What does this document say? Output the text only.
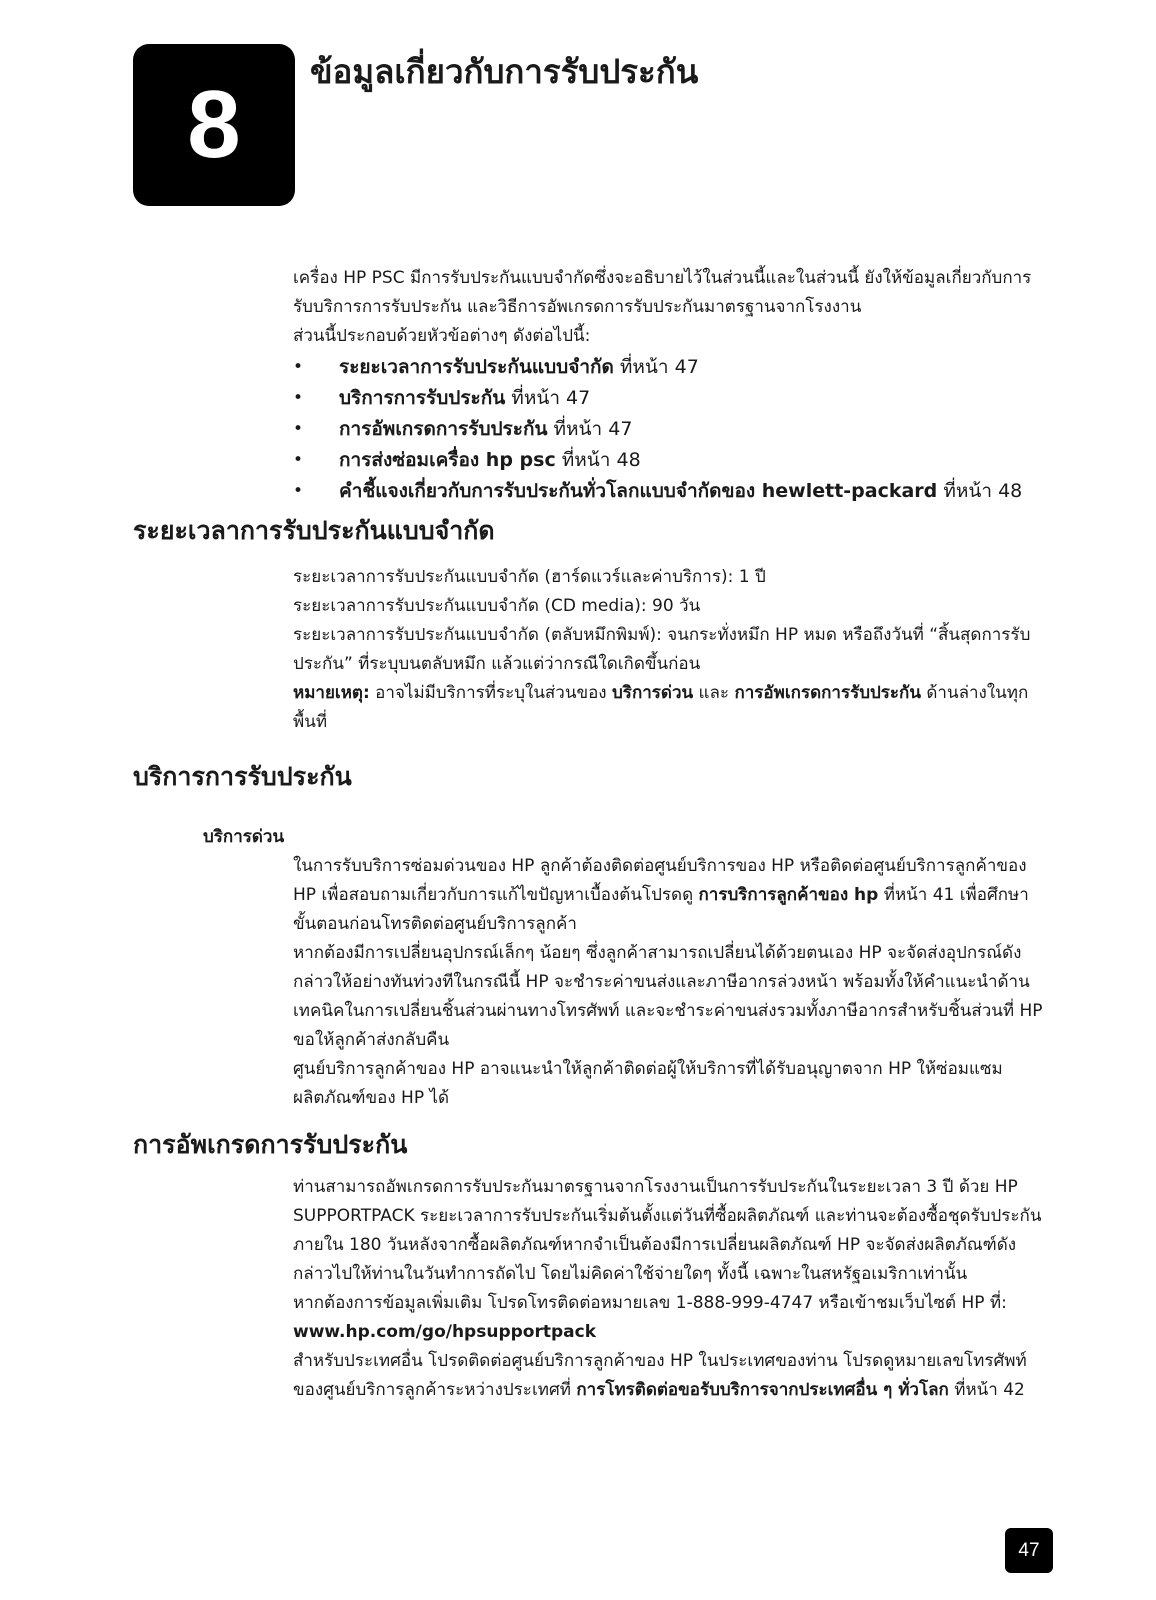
8 ข้อมูลเกี่ยวกับการรับประกัน

เครื่อง HP PSC มีการรับประกันแบบจำกัดซึ่งจะอธิบายไว้ในส่วนนี้และในส่วนนี้ ยังให้ข้อมูลเกี่ยวกับการรับบริการการรับประกัน และวิธีการอัพเกรดการรับประกันมาตรฐานจากโรงงาน

ส่วนนี้ประกอบด้วยหัวข้อต่างๆ ดังต่อไปนี้:

• ระยะเวลาการรับประกันแบบจำกัด ที่หน้า 47
• บริการการรับประกัน ที่หน้า 47
• การอัพเกรดการรับประกัน ที่หน้า 47
• การส่งซ่อมเครื่อง hp psc ที่หน้า 48
• คำชี้แจงเกี่ยวกับการรับประกันทั่วโลกแบบจำกัดของ hewlett-packard ที่หน้า 48
ระยะเวลาการรับประกันแบบจำกัด

ระยะเวลาการรับประกันแบบจำกัด (ฮาร์ดแวร์และค่าบริการ): 1 ปี

ระยะเวลาการรับประกันแบบจำกัด (CD media): 90 วัน

ระยะเวลาการรับประกันแบบจำกัด (ตลับหมึกพิมพ์): จนกระทั่งหมึก HP หมด หรือถึงวันที่ “สิ้นสุดการรับประกัน” ที่ระบุบนตลับหมึก แล้วแต่ว่ากรณีใดเกิดขึ้นก่อน

หมายเหตุ: อาจไม่มีบริการที่ระบุในส่วนของ บริการด่วน และ การอัพเกรดการรับประกัน ด้านล่างในทุกพื้นที่

บริการการรับประกัน
บริการด่วน

ในการรับบริการซ่อมด่วนของ HP ลูกค้าต้องติดต่อศูนย์บริการของ HP หรือติดต่อศูนย์บริการลูกค้าของ HP เพื่อสอบถามเกี่ยวกับการแก้ไขปัญหาเบื้องต้นโปรดดู การบริการลูกค้าของ hp ที่หน้า 41 เพื่อศึกษาขั้นตอนก่อนโทรติดต่อศูนย์บริการลูกค้า

หากต้องมีการเปลี่ยนอุปกรณ์เล็กๆ น้อยๆ ซึ่งลูกค้าสามารถเปลี่ยนได้ด้วยตนเอง HP จะจัดส่งอุปกรณ์ดังกล่าวให้อย่างทันท่วงทีในกรณีนี้ HP จะชำระค่าขนส่งและภาษีอากรล่วงหน้า พร้อมทั้งให้คำแนะนำด้านเทคนิคในการเปลี่ยนชิ้นส่วนผ่านทางโทรศัพท์ และจะชำระค่าขนส่งรวมทั้งภาษีอากรสำหรับชิ้นส่วนที่ HP ขอให้ลูกค้าส่งกลับคืน

ศูนย์บริการลูกค้าของ HP อาจแนะนำให้ลูกค้าติดต่อผู้ให้บริการที่ได้รับอนุญาตจาก HP ให้ซ่อมแซมผลิตภัณฑ์ของ HP ได้

การอัพเกรดการรับประกัน

ท่านสามารถอัพเกรดการรับประกันมาตรฐานจากโรงงานเป็นการรับประกันในระยะเวลา 3 ปี ด้วย HP SUPPORTPACK ระยะเวลาการรับประกันเริ่มต้นตั้งแต่วันที่ซื้อผลิตภัณฑ์ และท่านจะต้องซื้อชุดรับประกันภายใน 180 วันหลังจากซื้อผลิตภัณฑ์หากจำเป็นต้องมีการเปลี่ยนผลิตภัณฑ์ HP จะจัดส่งผลิตภัณฑ์ดังกล่าวไปให้ท่านในวันทำการถัดไป โดยไม่คิดค่าใช้จ่ายใดๆ ทั้งนี้ เฉพาะในสหรัฐอเมริกาเท่านั้น

หากต้องการข้อมูลเพิ่มเติม โปรดโทรติดต่อหมายเลข 1-888-999-4747 หรือเข้าชมเว็บไซต์ HP ที่:

www.hp.com/go/hpsupportpack

สำหรับประเทศอื่น โปรดติดต่อศูนย์บริการลูกค้าของ HP ในประเทศของท่าน โปรดดูหมายเลขโทรศัพท์ของศูนย์บริการลูกค้าระหว่างประเทศที่ การโทรติดต่อขอรับบริการจากประเทศอื่น ๆ ทั่วโลก ที่หน้า 42

47
